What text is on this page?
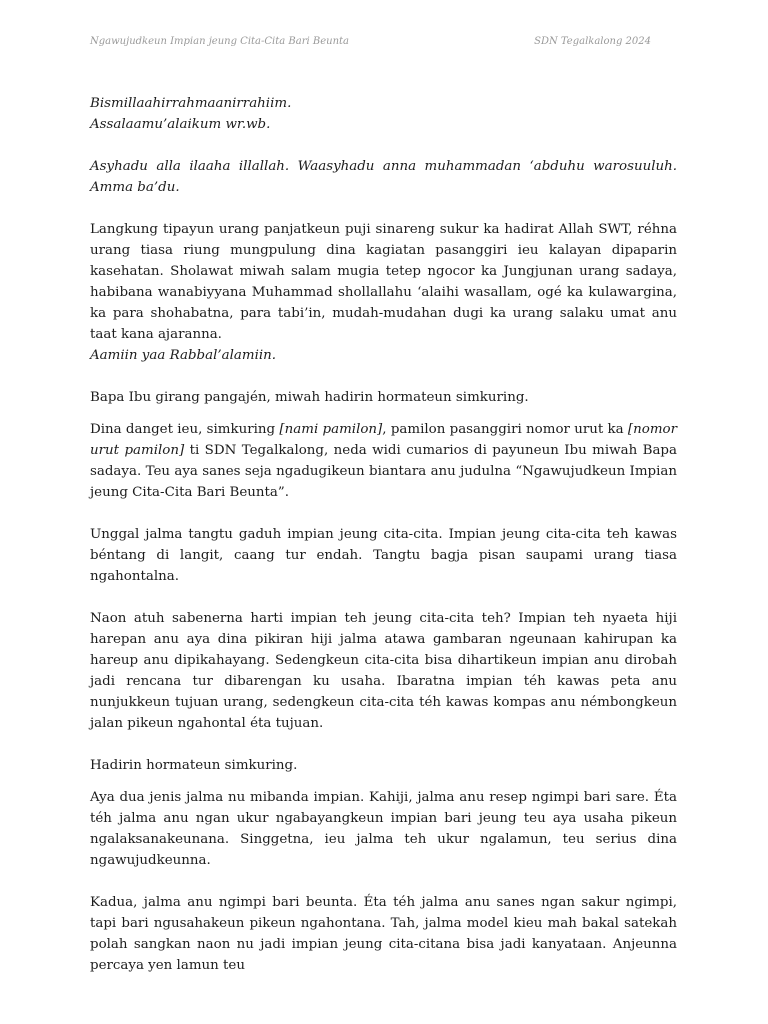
Ngawujudkeun Impian jeung Cita-Cita Bari Beunta	SDN Tegalkalong 2024

Bismillaahirrahmaanirrahiim.

Assalaamu’alaikum wr.wb.

Asyhadu alla ilaaha illallah. Waasyhadu anna muhammadan ‘abduhu warosuuluh. Amma ba’du.

Langkung tipayun urang panjatkeun puji sinareng sukur ka hadirat Allah SWT, réhna urang tiasa riung mungpulung dina kagiatan pasanggiri ieu kalayan dipaparin kasehatan. Sholawat miwah salam mugia tetep ngocor ka Jungjunan urang sadaya, habibana wanabiyyana Muhammad shollallahu ‘alaihi wasallam, ogé ka kulawargina, ka para shohabatna, para tabi’in, mudah-mudahan dugi ka urang salaku umat anu taat kana ajaranna.

Aamiin yaa Rabbal’alamiin.

Bapa Ibu girang pangajén, miwah hadirin hormateun simkuring.

Dina danget ieu, simkuring [nami pamilon], pamilon pasanggiri nomor urut ka [nomor urut pamilon] ti SDN Tegalkalong, neda widi cumarios di payuneun Ibu miwah Bapa sadaya. Teu aya sanes seja ngadugikeun biantara anu judulna “Ngawujudkeun Impian jeung Cita-Cita Bari Beunta”.

Unggal jalma tangtu gaduh impian jeung cita-cita. Impian jeung cita-cita teh kawas béntang di langit, caang tur endah. Tangtu bagja pisan saupami urang tiasa ngahontalna.

Naon atuh sabenerna harti impian teh jeung cita-cita teh? Impian teh nyaeta hiji harepan anu aya dina pikiran hiji jalma atawa gambaran ngeunaan kahirupan ka hareup anu dipikahayang. Sedengkeun cita-cita bisa dihartikeun impian anu dirobah jadi rencana tur dibarengan ku usaha. Ibaratna impian téh kawas peta anu nunjukkeun tujuan urang, sedengkeun cita-cita téh kawas kompas anu némbongkeun jalan pikeun ngahontal éta tujuan.

Hadirin hormateun simkuring.

Aya dua jenis jalma nu mibanda impian. Kahiji, jalma anu resep ngimpi bari sare. Éta téh jalma anu ngan ukur ngabayangkeun impian bari jeung teu aya usaha pikeun ngalaksanakeunana. Singgetna, ieu jalma teh ukur ngalamun, teu serius dina ngawujudkeunna.

Kadua, jalma anu ngimpi bari beunta. Éta téh jalma anu sanes ngan sakur ngimpi, tapi bari ngusahakeun pikeun ngahontana. Tah, jalma model kieu mah bakal satekah polah sangkan naon nu jadi impian jeung cita-citana bisa jadi kanyataan. Anjeunna percaya yen lamun teu
